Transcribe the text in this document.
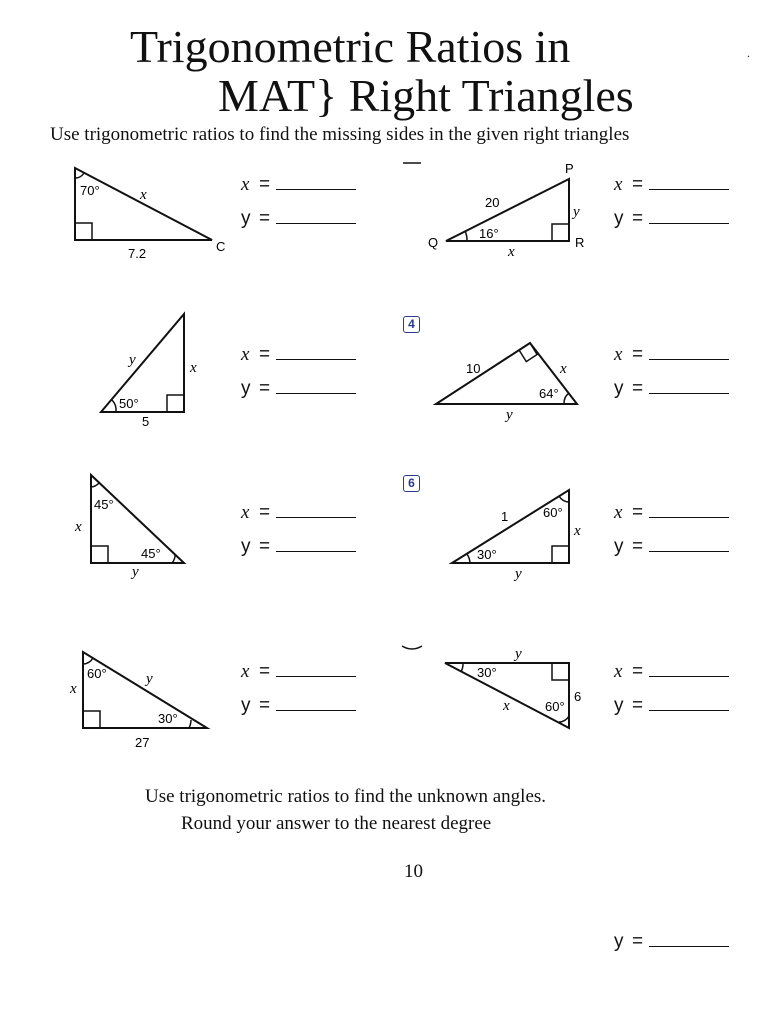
Trigonometric Ratios in
MAT} Right Triangles
.
Use trigonometric ratios to find the missing sides in the given right triangles
70°	x
7.2	C
P
20
y
16°
Q	R
x
y	x
50°
5
4
10	x
64°
y
45°
x
45°
y
6
1	60°
x
30°
y
60°	y
x
30°
27
y
30°
6
x	60°
x =
y =
x =
y =
x =
y =
x =
y =
x =
y =
x =
y =
x =
y =
x =
y =
y =
Use trigonometric ratios to find the unknown angles.
Round your answer to the nearest degree
10
